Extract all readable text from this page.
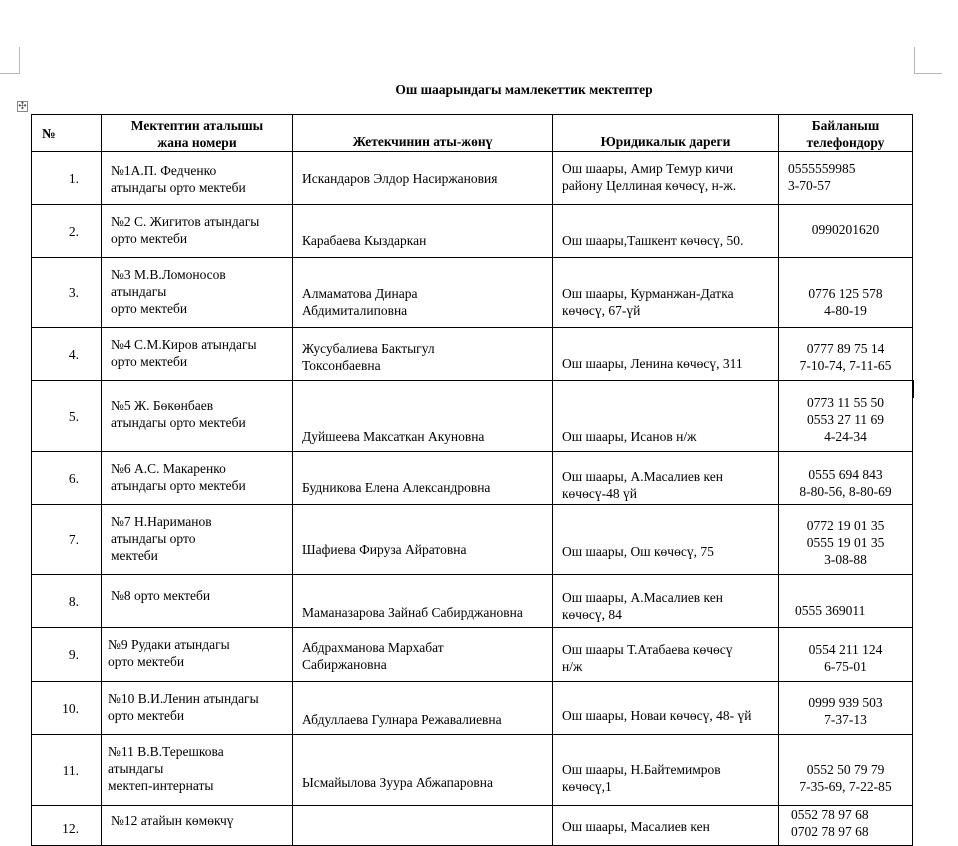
Ош шаарындагы мамлекеттик мектептер
✣
№	Мектептин аталышы
жана номери	Жетекчинин аты-жөнү	Юридикалык дареги	Байланыш
телефондору

1.	№1А.П. Федченко
атындагы орто мектеби	Искандаров Элдор Насиржановия	Ош шаары, Амир Темур кичи
району Целлиная көчөсү, н-ж.	0555559985
3-70-57

2.	№2 С. Жигитов атындагы
орто мектеби	Карабаева Кыздаркан	Ош шаары,Ташкент көчөсү, 50.	0990201620

3.	№3 М.В.Ломоносов
атындагы
орто мектеби	Алмаматова Динара
Абдимиталиповна	Ош шаары, Курманжан-Датка
көчөсү, 67-үй	0776 125 578
4-80-19

4.	№4 С.М.Киров атындагы
орто мектеби	Жусубалиева Бактыгул
Токсонбаевна	Ош шаары, Ленина көчөсү, 311	0777 89 75 14
7-10-74, 7-11-65

5.	№5 Ж. Бөкөнбаев
атындагы орто мектеби	Дуйшеева Максаткан Акуновна	Ош шаары, Исанов н/ж	0773 11 55 50
0553 27 11 69
4-24-34

6.	№6 А.С. Макаренко
атындагы орто мектеби	Будникова Елена Александровна	Ош шаары, А.Масалиев кен
көчөсү-48 үй	0555 694 843
8-80-56, 8-80-69

7.	№7 Н.Нариманов
атындагы орто
мектеби	Шафиева Фируза Айратовна	Ош шаары, Ош көчөсү, 75	0772 19 01 35
0555 19 01 35
3-08-88

8.	№8 орто мектеби	Маманазарова Зайнаб Сабирджановна	Ош шаары, А.Масалиев кен
көчөсү, 84	0555 369011

9.	№9 Рудаки атындагы
орто мектеби	Абдрахманова Мархабат
Сабиржановна	Ош шаары Т.Атабаева көчөсү
н/ж	0554 211 124
6-75-01

10.	№10 В.И.Ленин атындагы
орто мектеби	Абдуллаева Гулнара Режавалиевна	Ош шаары, Новаи көчөсү, 48- үй	0999 939 503
7-37-13

11.	№11 В.В.Терешкова
атындагы
мектеп-интернаты	Ысмайылова Зуура Абжапаровна	Ош шаары, Н.Байтемимров
көчөсү,1	0552 50 79 79
7-35-69, 7-22-85

12.	№12 атайын көмөкчү		Ош шаары, Масалиев кен	0552 78 97 68
0702 78 97 68
